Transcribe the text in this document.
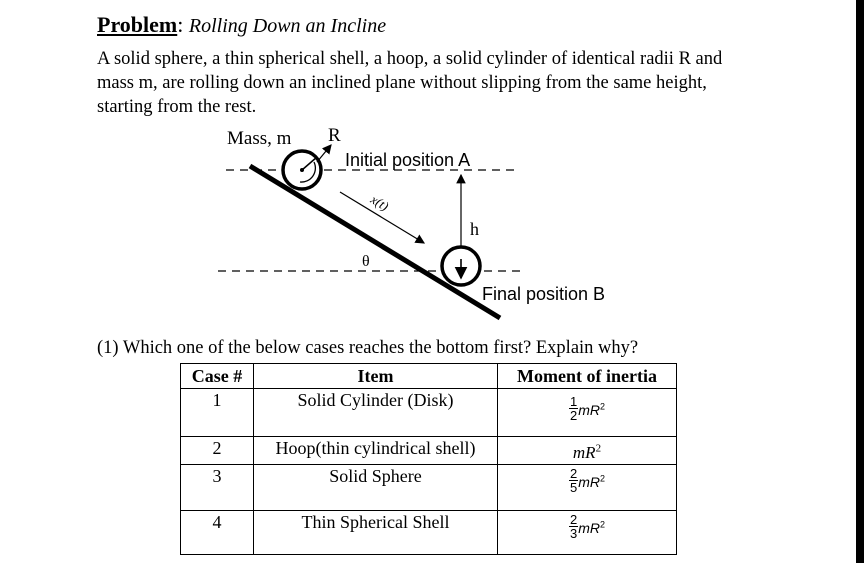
Problem: Rolling Down an Incline
A solid sphere, a thin spherical shell, a hoop, a solid cylinder of identical radii R and mass m, are rolling down an inclined plane without slipping from the same height, starting from the rest.
Mass, m R
Initial position A
x(t)
h
θ
Final position B
(1) Which one of the below cases reaches the bottom first? Explain why?
Case #	Item	Moment of inertia
1	Solid Cylinder (Disk)	$\frac{1}{2} mR^2$
2	Hoop(thin cylindrical shell)	$mR^2$
3	Solid Sphere	$\frac{2}{5} mR^2$
4	Thin Spherical Shell	$\frac{2}{3} mR^2$
